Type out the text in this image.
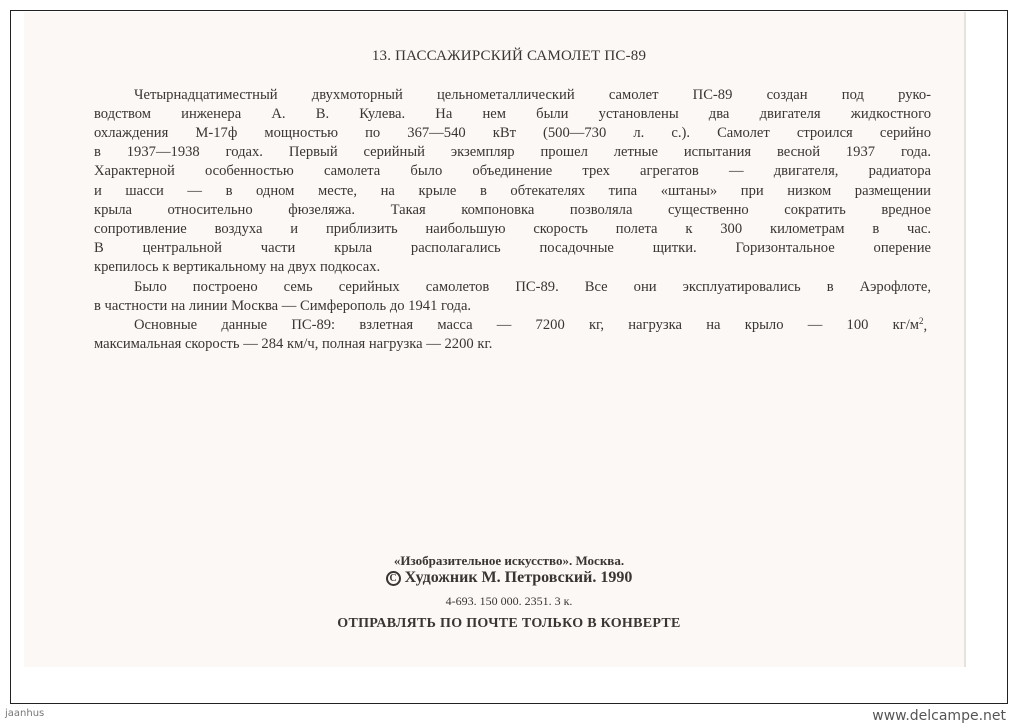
13. ПАССАЖИРСКИЙ САМОЛЕТ ПС-89
Четырнадцатиместный двухмоторный цельнометаллический самолет ПС-89 создан под руко-
водством инженера А. В. Кулева. На нем были установлены два двигателя жидкостного
охлаждения М-17ф мощностью по 367—540 кВт (500—730 л. с.). Самолет строился серийно
в 1937—1938 годах. Первый серийный экземпляр прошел летные испытания весной 1937 года.
Характерной особенностью самолета было объединение трех агрегатов — двигателя, радиатора
и шасси — в одном месте, на крыле в обтекателях типа «штаны» при низком размещении
крыла относительно фюзеляжа. Такая компоновка позволяла существенно сократить вредное
сопротивление воздуха и приблизить наибольшую скорость полета к 300 километрам в час.
В центральной части крыла располагались посадочные щитки. Горизонтальное оперение
крепилось к вертикальному на двух подкосах.
Было построено семь серийных самолетов ПС-89. Все они эксплуатировались в Аэрофлоте,
в частности на линии Москва — Симферополь до 1941 года.
Основные данные ПС-89: взлетная масса — 7200 кг, нагрузка на крыло — 100 кг/м $^2$,
максимальная скорость — 284 км/ч, полная нагрузка — 2200 кг.
«Изобразительное искусство». Москва.
C Художник М. Петровский. 1990
4-693. 150 000. 2351. 3 к.
ОТПРАВЛЯТЬ ПО ПОЧТЕ ТОЛЬКО В КОНВЕРТЕ
jaanhus	www.delcampe.net
